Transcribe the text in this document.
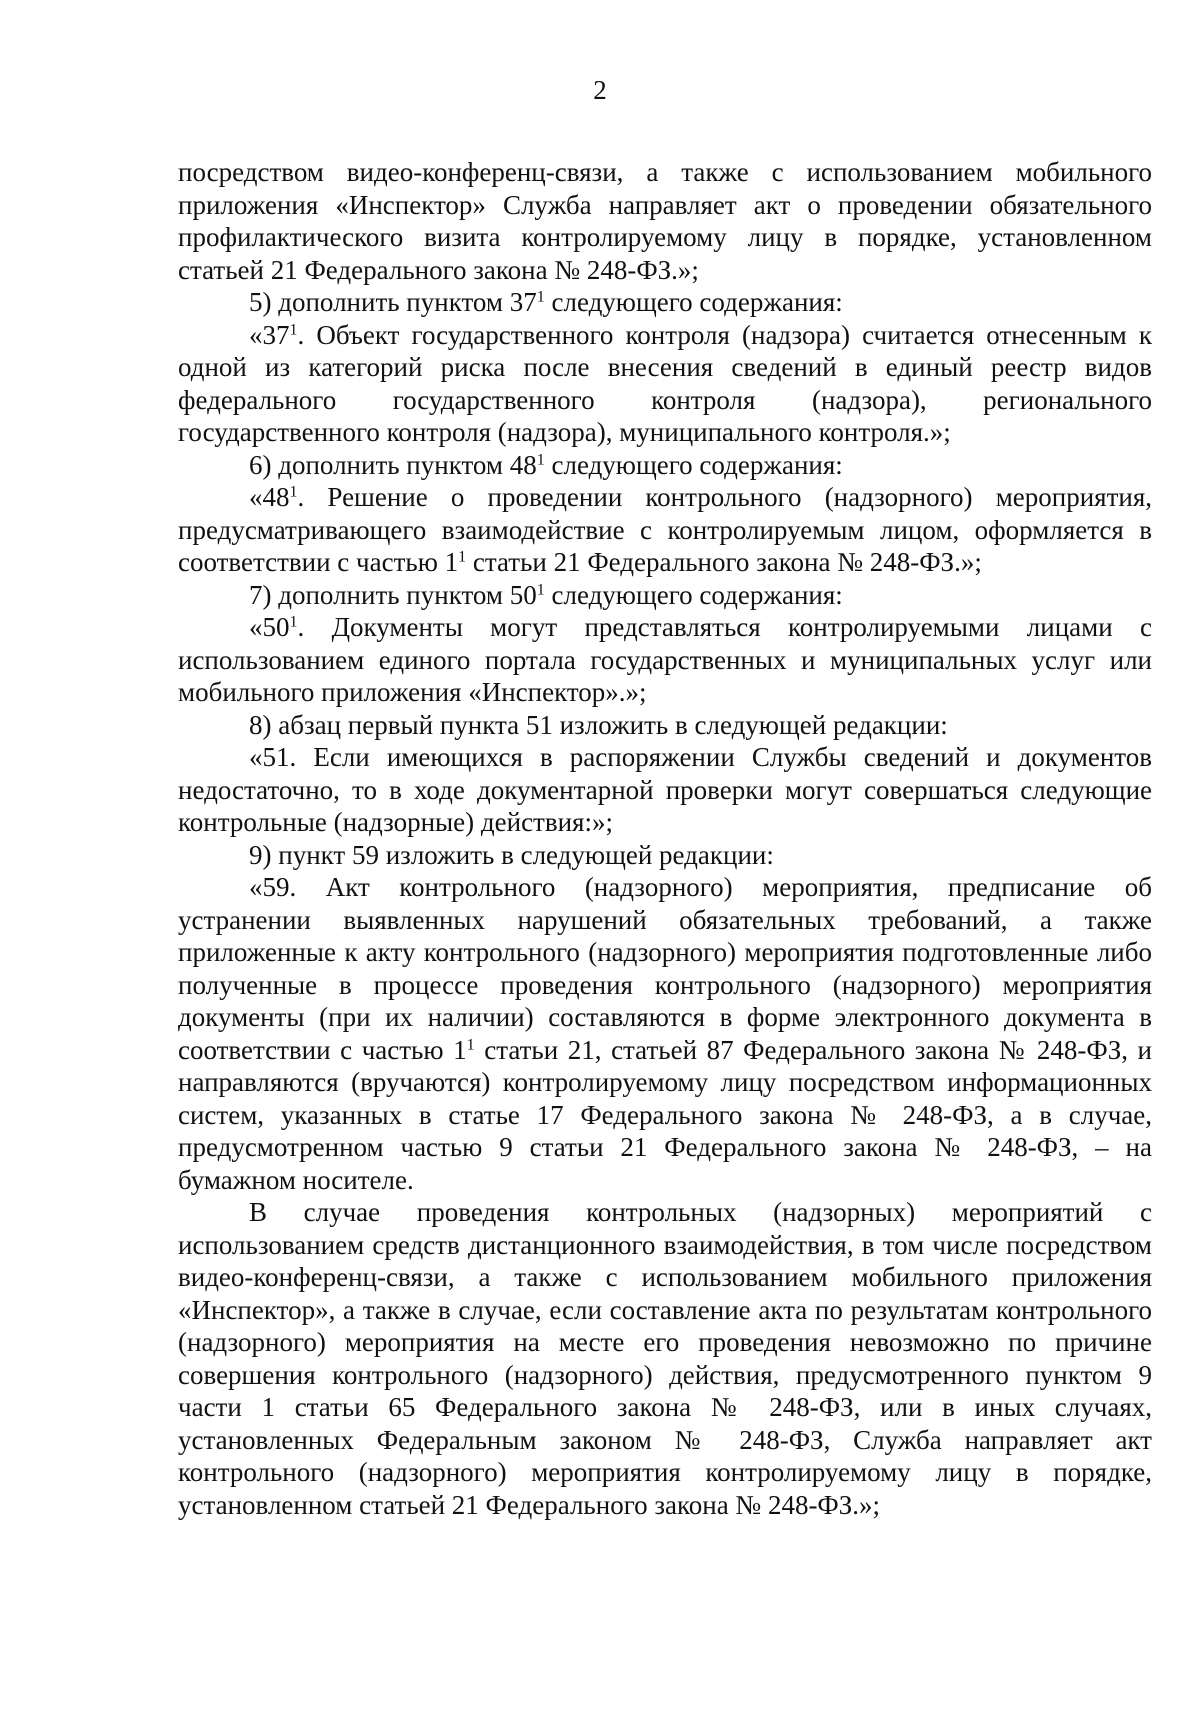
2

посредством видео-конференц-связи, а также с использованием мобильного приложения «Инспектор» Служба направляет акт о проведении обязательного профилактического визита контролируемому лицу в порядке, установленном статьей 21 Федерального закона № 248-ФЗ.»;

5) дополнить пунктом $37^1$ следующего содержания:

«$37^1$. Объект государственного контроля (надзора) считается отнесенным к одной из категорий риска после внесения сведений в единый реестр видов федерального государственного контроля (надзора), регионального государственного контроля (надзора), муниципального контроля.»;

6) дополнить пунктом $48^1$ следующего содержания:

«$48^1$. Решение о проведении контрольного (надзорного) мероприятия, предусматривающего взаимодействие с контролируемым лицом, оформляется в соответствии с частью $1^1$ статьи 21 Федерального закона № 248-ФЗ.»;

7) дополнить пунктом $50^1$ следующего содержания:

«$50^1$. Документы могут представляться контролируемыми лицами с использованием единого портала государственных и муниципальных услуг или мобильного приложения «Инспектор».»;

8) абзац первый пункта 51 изложить в следующей редакции:

«51. Если имеющихся в распоряжении Службы сведений и документов недостаточно, то в ходе документарной проверки могут совершаться следующие контрольные (надзорные) действия:»;

9) пункт 59 изложить в следующей редакции:

«59. Акт контрольного (надзорного) мероприятия, предписание об устранении выявленных нарушений обязательных требований, а также приложенные к акту контрольного (надзорного) мероприятия подготовленные либо полученные в процессе проведения контрольного (надзорного) мероприятия документы (при их наличии) составляются в форме электронного документа в соответствии с частью $1^1$ статьи 21, статьей 87 Федерального закона № 248-ФЗ, и направляются (вручаются) контролируемому лицу посредством информационных систем, указанных в статье 17 Федерального закона № 248-ФЗ, а в случае, предусмотренном частью 9 статьи 21 Федерального закона № 248-ФЗ, – на бумажном носителе.

В случае проведения контрольных (надзорных) мероприятий с использованием средств дистанционного взаимодействия, в том числе посредством видео-конференц-связи, а также с использованием мобильного приложения «Инспектор», а также в случае, если составление акта по результатам контрольного (надзорного) мероприятия на месте его проведения невозможно по причине совершения контрольного (надзорного) действия, предусмотренного пунктом 9 части 1 статьи 65 Федерального закона № 248-ФЗ, или в иных случаях, установленных Федеральным законом № 248-ФЗ, Служба направляет акт контрольного (надзорного) мероприятия контролируемому лицу в порядке, установленном статьей 21 Федерального закона № 248-ФЗ.»;
